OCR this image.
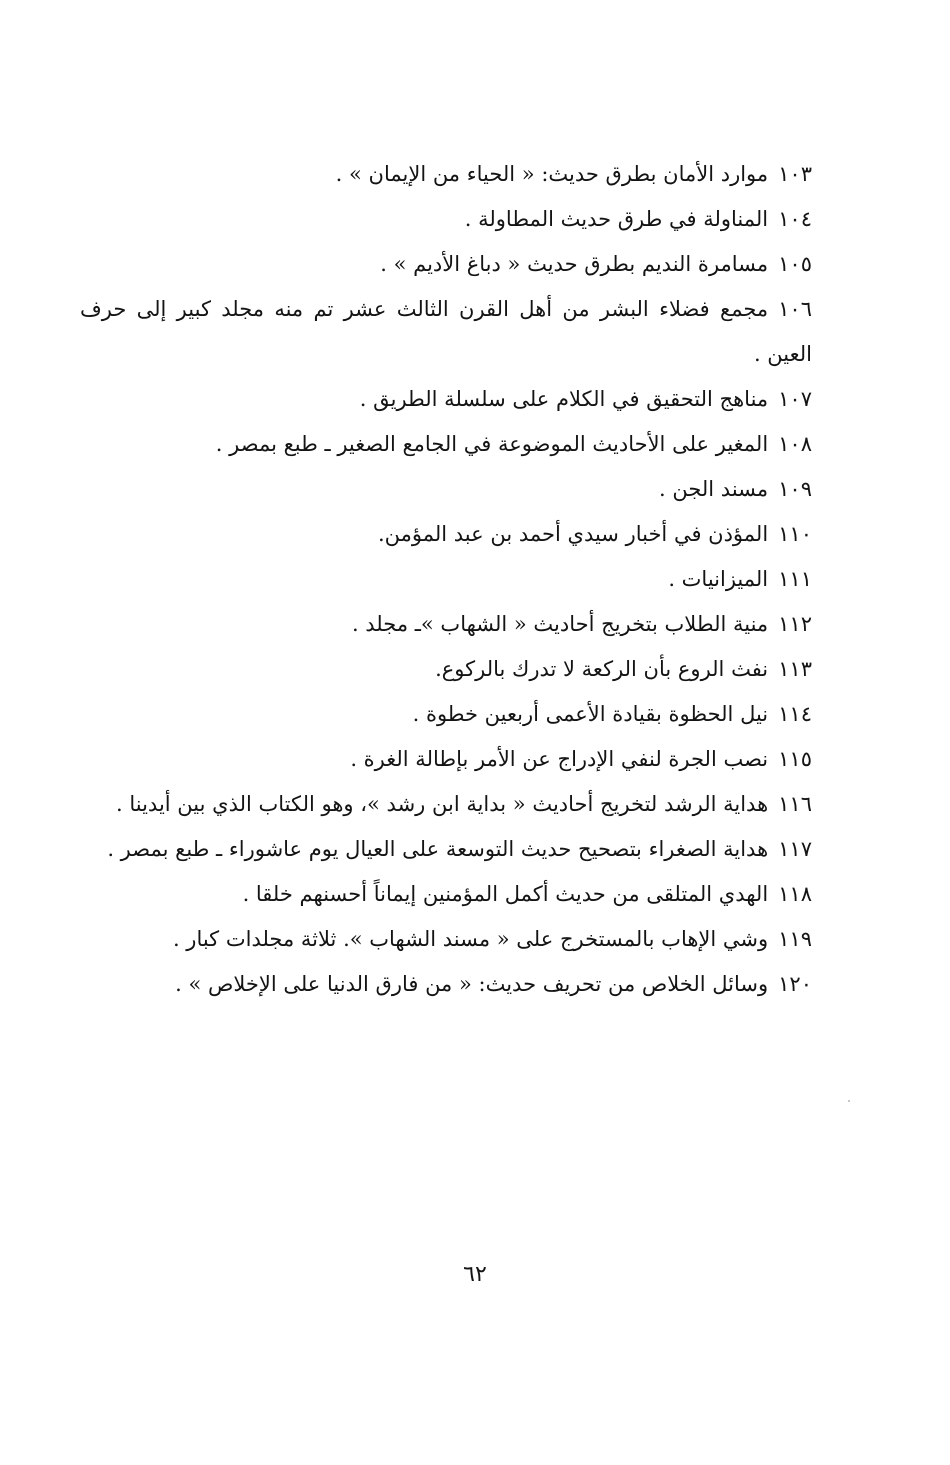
١٠٣موارد الأمان بطرق حديث: « الحياء من الإيمان » .
١٠٤المناولة في طرق حديث المطاولة .
١٠٥مسامرة النديم بطرق حديث « دباغ الأديم » .
١٠٦مجمع فضلاء البشر من أهل القرن الثالث عشر تم منه مجلد كبير إلى حرف العين .
١٠٧مناهج التحقيق في الكلام على سلسلة الطريق .
١٠٨المغير على الأحاديث الموضوعة في الجامع الصغير ـ طبع بمصر .
١٠٩مسند الجن .
١١٠المؤذن في أخبار سيدي أحمد بن عبد المؤمن.
١١١الميزانيات .
١١٢منية الطلاب بتخريج أحاديث « الشهاب »ـ مجلد .
١١٣نفث الروع بأن الركعة لا تدرك بالركوع.
١١٤نيل الحظوة بقيادة الأعمى أربعين خطوة .
١١٥نصب الجرة لنفي الإدراج عن الأمر بإطالة الغرة .
١١٦هداية الرشد لتخريج أحاديث « بداية ابن رشد »، وهو الكتاب الذي بين أيدينا .
١١٧هداية الصغراء بتصحيح حديث التوسعة على العيال يوم عاشوراء ـ طبع بمصر .
١١٨الهدي المتلقى من حديث أكمل المؤمنين إيماناً أحسنهم خلقا .
١١٩وشي الإهاب بالمستخرج على « مسند الشهاب ». ثلاثة مجلدات كبار .
١٢٠وسائل الخلاص من تحريف حديث: « من فارق الدنيا على الإخلاص » .
٦٢
